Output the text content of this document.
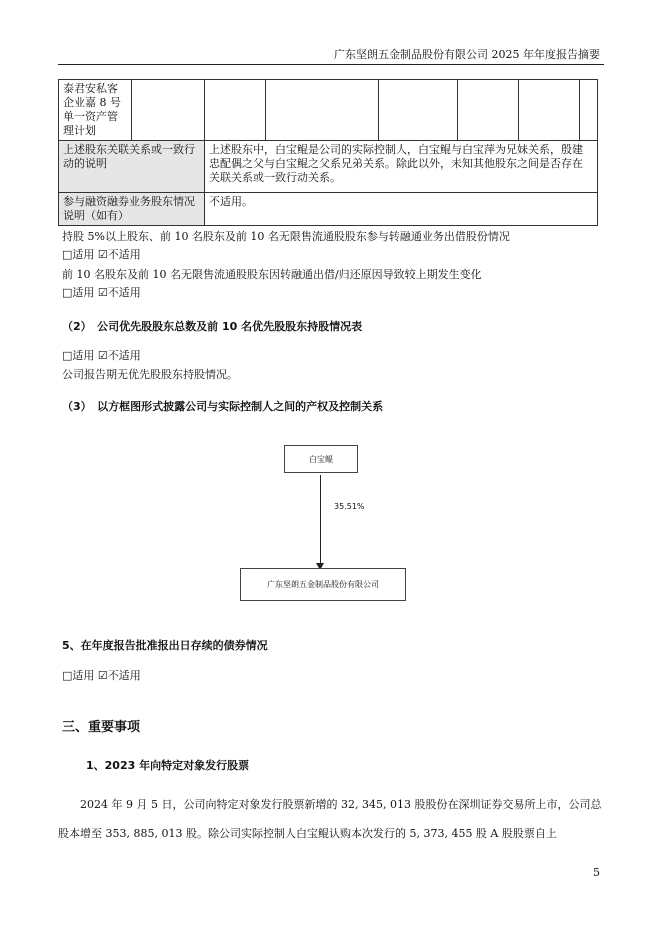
广东坚朗五金制品股份有限公司 2025 年年度报告摘要
泰君安私客企业嘉 8 号单一资产管理计划							
上述股东关联关系或一致行动的说明		上述股东中，白宝鲲是公司的实际控制人，白宝鲲与白宝萍为兄妹关系，殷建忠配偶之父与白宝鲲之父系兄弟关系。除此以外，未知其他股东之间是否存在关联关系或一致行动关系。					
参与融资融券业务股东情况说明（如有）		不适用。					
持股 5%以上股东、前 10 名股东及前 10 名无限售流通股股东参与转融通业务出借股份情况
□适用 ☑不适用
前 10 名股东及前 10 名无限售流通股股东因转融通出借/归还原因导致较上期发生变化
□适用 ☑不适用
（2）　公司优先股股东总数及前 10 名优先股股东持股情况表
□适用 ☑不适用
公司报告期无优先股股东持股情况。
（3）　以方框图形式披露公司与实际控制人之间的产权及控制关系
白宝鲲
35.51%
广东坚朗五金制品股份有限公司
5、在年度报告批准报出日存续的债券情况
□适用 ☑不适用
三、重要事项
1、2023 年向特定对象发行股票
2024 年 9 月 5 日，公司向特定对象发行股票新增的 32, 345, 013 股股份在深圳证券交易所上市，公司总股本增至 353, 885, 013 股。除公司实际控制人白宝鲲认购本次发行的 5, 373, 455 股 A 股股票自上
5
